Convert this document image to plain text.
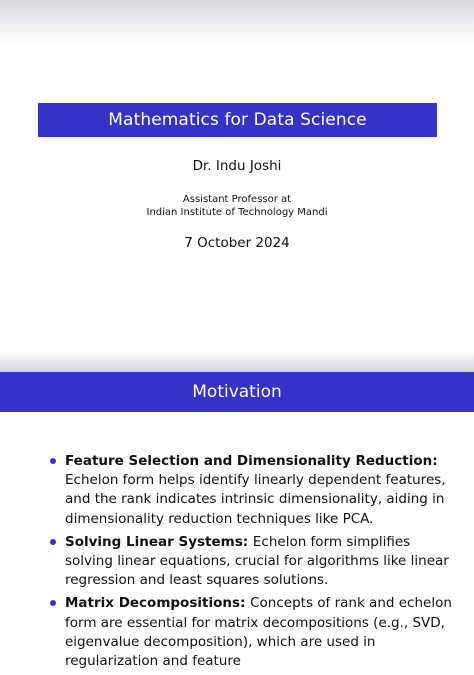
Mathematics for Data Science
Dr. Indu Joshi
Assistant Professor at
Indian Institute of Technology Mandi
7 October 2024
Motivation
Feature Selection and Dimensionality Reduction: Echelon form helps identify linearly dependent features, and the rank indicates intrinsic dimensionality, aiding in dimensionality reduction techniques like PCA.
Solving Linear Systems: Echelon form simplifies solving linear equations, crucial for algorithms like linear regression and least squares solutions.
Matrix Decompositions: Concepts of rank and echelon form are essential for matrix decompositions (e.g., SVD, eigenvalue decomposition), which are used in regularization and feature
